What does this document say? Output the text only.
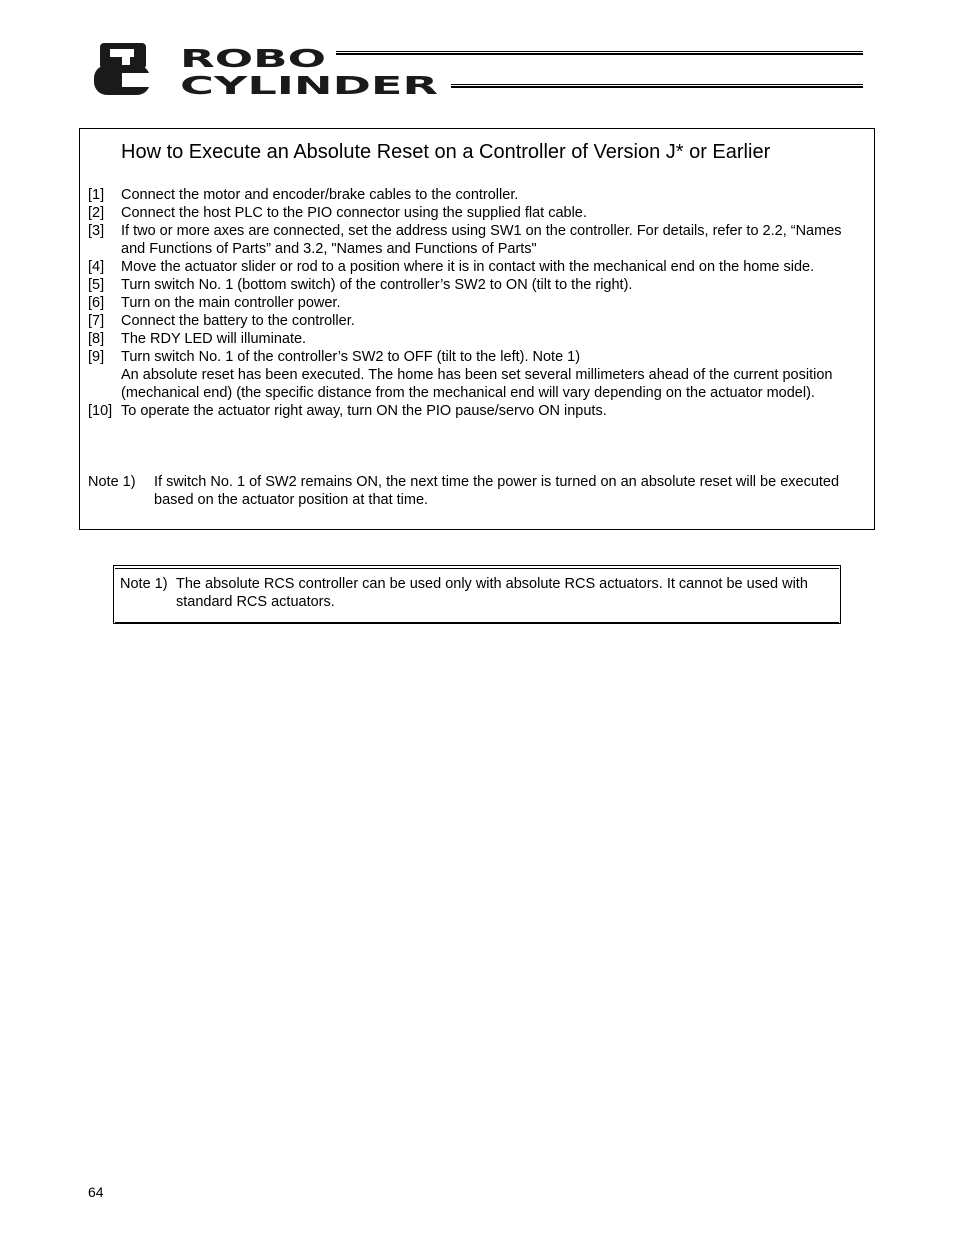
ROBO
CYLINDER
How to Execute an Absolute Reset on a Controller of Version J* or Earlier
[1] Connect the motor and encoder/brake cables to the controller.
[2] Connect the host PLC to the PIO connector using the supplied flat cable.
[3] If two or more axes are connected, set the address using SW1 on the controller. For details, refer to 2.2, “Names and Functions of Parts” and 3.2, "Names and Functions of Parts"
[4] Move the actuator slider or rod to a position where it is in contact with the mechanical end on the home side.
[5] Turn switch No. 1 (bottom switch) of the controller’s SW2 to ON (tilt to the right).
[6] Turn on the main controller power.
[7] Connect the battery to the controller.
[8] The RDY LED will illuminate.
[9] Turn switch No. 1 of the controller’s SW2 to OFF (tilt to the left). Note 1)
An absolute reset has been executed. The home has been set several millimeters ahead of the current position (mechanical end) (the specific distance from the mechanical end will vary depending on the actuator model).
[10] To operate the actuator right away, turn ON the PIO pause/servo ON inputs.
Note 1)	If switch No. 1 of SW2 remains ON, the next time the power is turned on an absolute reset will be executed based on the actuator position at that time.
Note 1) The absolute RCS controller can be used only with absolute RCS actuators. It cannot be used with standard RCS actuators.
64
